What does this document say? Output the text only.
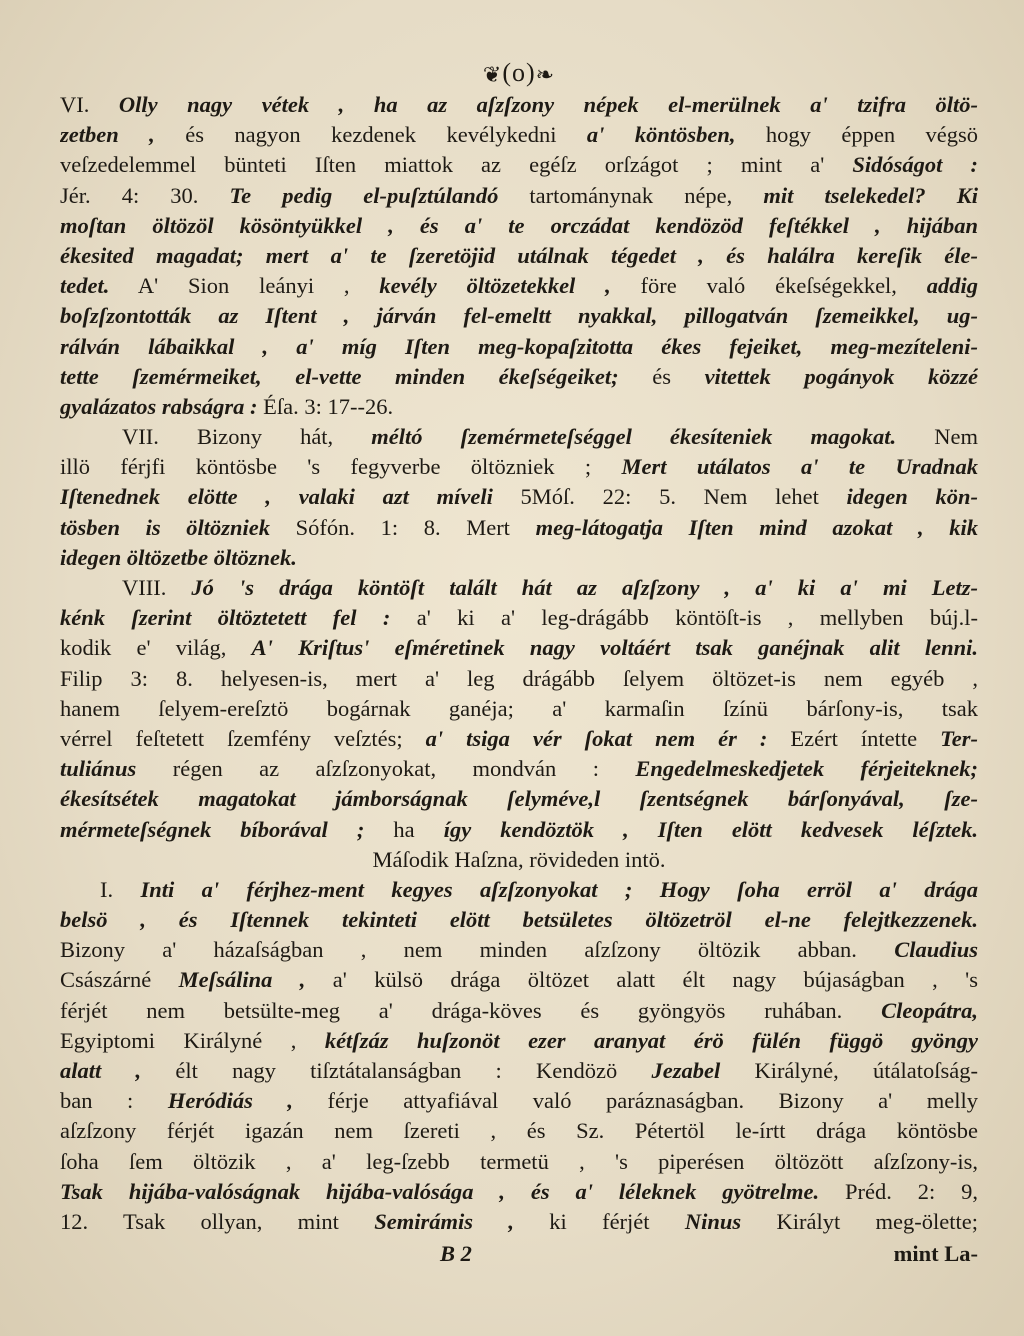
❦(o)❧
VI. Olly nagy vétek , ha az aſzſzony népek el-merülnek a' tzifra öltö-
zetben , és nagyon kezdenek kevélykedni a' köntösben, hogy éppen végsö
veſzedelemmel bünteti Iſten miattok az egéſz orſzágot ; mint a' Sidóságot :
Jér. 4: 30. Te pedig el-puſztúlandó tartománynak népe, mit tselekedel? Ki
moſtan öltözöl kösöntyükkel , és a' te orczádat kendözöd feſtékkel , hijában
ékesited magadat; mert a' te ſzeretöjid utálnak tégedet , és halálra kereſik éle-
tedet. A' Sion leányi , kevély öltözetekkel , före való ékeſségekkel, addig
boſzſzontották az Iſtent , járván fel-emeltt nyakkal, pillogatván ſzemeikkel, ug-
rálván lábaikkal , a' míg Iſten meg-kopaſzitotta ékes fejeiket, meg-mezíteleni-
tette ſzemérmeiket, el-vette minden ékeſségeiket; és vitettek pogányok közzé
gyalázatos rabságra : Éſa. 3: 17--26.
VII. Bizony hát, méltó ſzemérmeteſséggel ékesíteniek magokat. Nem
illö férjfi köntösbe 's fegyverbe öltözniek ; Mert utálatos a' te Uradnak
Iſtenednek elötte , valaki azt míveli 5Móſ. 22: 5. Nem lehet idegen kön-
tösben is öltözniek Sófón. 1: 8. Mert meg-látogatja Iſten mind azokat , kik
idegen öltözetbe öltöznek.
VIII. Jó 's drága köntöſt talált hát az aſzſzony , a' ki a' mi Letz-
kénk ſzerint öltöztetett fel : a' ki a' leg-drágább köntöſt-is , mellyben búj.l-
kodik e' világ, A' Kriſtus' eſméretinek nagy voltáért tsak ganéjnak alit lenni.
Filip 3: 8. helyesen-is, mert a' leg drágább ſelyem öltözet-is nem egyéb ,
hanem ſelyem-ereſztö bogárnak ganéja; a' karmaſin ſzínü bárſony-is, tsak
vérrel feſtetett ſzemfény veſztés; a' tsiga vér ſokat nem ér : Ezért íntette Ter-
tuliánus régen az aſzſzonyokat, mondván : Engedelmeskedjetek férjeiteknek;
ékesítsétek magatokat jámborságnak ſelyméve,l ſzentségnek bárſonyával, ſze-
mérmeteſségnek bíborával ; ha így kendöztök , Iſten elött kedvesek léſztek.
Máſodik Haſzna, rövideden intö.
I. Inti a' férjhez-ment kegyes aſzſzonyokat ; Hogy ſoha erröl a' drága
belsö , és Iſtennek tekinteti elött betsületes öltözetröl el-ne felejtkezzenek.
Bizony a' házaſságban , nem minden aſzſzony öltözik abban. Claudius
Császárné Meſsálina , a' külsö drága öltözet alatt élt nagy bújaságban , 's
férjét nem betsülte-meg a' drága-köves és gyöngyös ruhában. Cleopátra,
Egyiptomi Királyné , kétſzáz huſzonöt ezer aranyat érö fülén függö gyöngy
alatt , élt nagy tiſztátalanságban : Kendözö Jezabel Királyné, útálatoſság-
ban : Heródiás , férje attyafiával való paráznaságban. Bizony a' melly
aſzſzony férjét igazán nem ſzereti , és Sz. Pétertöl le-írtt drága köntösbe
ſoha ſem öltözik , a' leg-ſzebb termetü , 's piperésen öltözött aſzſzony-is,
Tsak hijába-valóságnak hijába-valósága , és a' léleknek gyötrelme. Préd. 2: 9,
12. Tsak ollyan, mint Semirámis , ki férjét Ninus Királyt meg-ölette;
B 2	mint La-
